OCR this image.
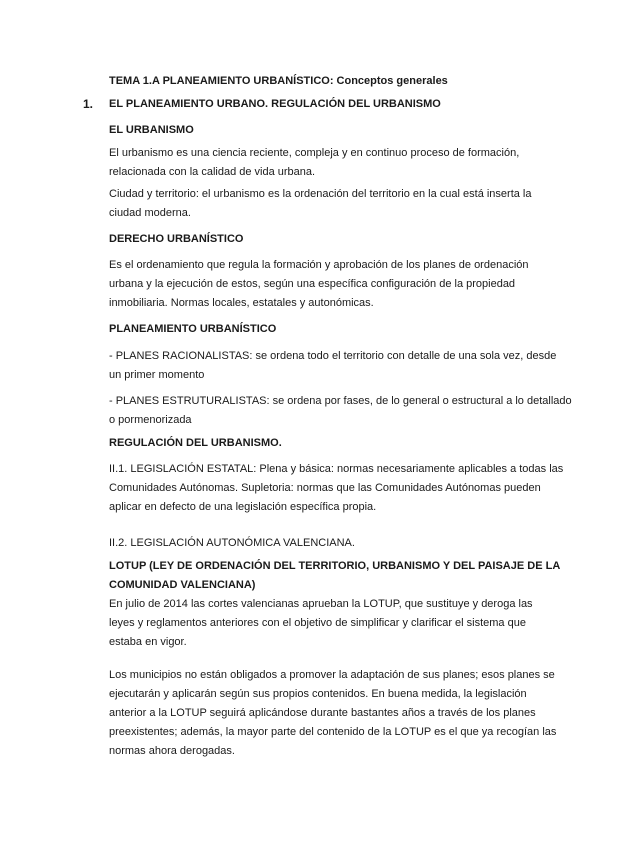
TEMA 1.A PLANEAMIENTO URBANÍSTICO: Conceptos generales
1. EL PLANEAMIENTO URBANO. REGULACIÓN DEL URBANISMO
EL URBANISMO
El urbanismo es una ciencia reciente, compleja y en continuo proceso de formación,
relacionada con la calidad de vida urbana.
Ciudad y territorio: el urbanismo es la ordenación del territorio en la cual está inserta la
ciudad moderna.
DERECHO URBANÍSTICO
Es el ordenamiento que regula la formación y aprobación de los planes de ordenación
urbana y la ejecución de estos, según una específica configuración de la propiedad
inmobiliaria. Normas locales, estatales y autonómicas.
PLANEAMIENTO URBANÍSTICO
- PLANES RACIONALISTAS: se ordena todo el territorio con detalle de una sola vez, desde
un primer momento
- PLANES ESTRUTURALISTAS: se ordena por fases, de lo general o estructural a lo detallado
o pormenorizada
REGULACIÓN DEL URBANISMO.
II.1. LEGISLACIÓN ESTATAL: Plena y básica: normas necesariamente aplicables a todas las
Comunidades Autónomas. Supletoria: normas que las Comunidades Autónomas pueden
aplicar en defecto de una legislación específica propia.
II.2. LEGISLACIÓN AUTONÓMICA VALENCIANA.
LOTUP (LEY DE ORDENACIÓN DEL TERRITORIO, URBANISMO Y DEL PAISAJE DE LA
COMUNIDAD VALENCIANA)
En julio de 2014 las cortes valencianas aprueban la LOTUP, que sustituye y deroga las
leyes y reglamentos anteriores con el objetivo de simplificar y clarificar el sistema que
estaba en vigor.
Los municipios no están obligados a promover la adaptación de sus planes; esos planes se
ejecutarán y aplicarán según sus propios contenidos. En buena medida, la legislación
anterior a la LOTUP seguirá aplicándose durante bastantes años a través de los planes
preexistentes; además, la mayor parte del contenido de la LOTUP es el que ya recogían las
normas ahora derogadas.
